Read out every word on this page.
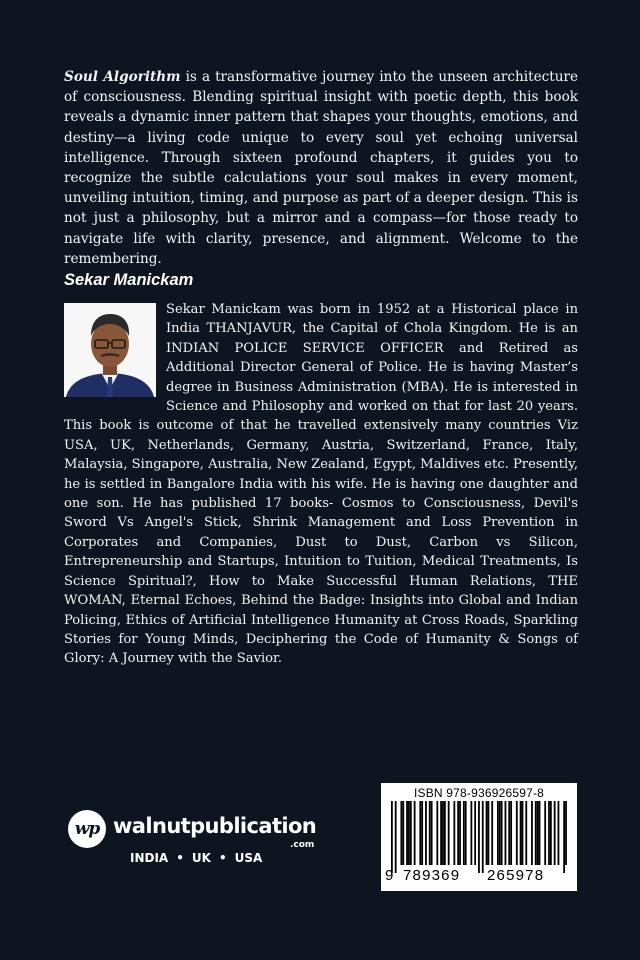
Soul Algorithm is a transformative journey into the unseen architecture of consciousness. Blending spiritual insight with poetic depth, this book reveals a dynamic inner pattern that shapes your thoughts, emotions, and destiny—a living code unique to every soul yet echoing universal intelligence. Through sixteen profound chapters, it guides you to recognize the subtle calculations your soul makes in every moment, unveiling intuition, timing, and purpose as part of a deeper design. This is not just a philosophy, but a mirror and a compass—for those ready to navigate life with clarity, presence, and alignment. Welcome to the remembering.

Sekar Manickam
Sekar Manickam was born in 1952 at a Historical place in India THANJAVUR, the Capital of Chola Kingdom. He is an INDIAN POLICE SERVICE OFFICER and Retired as Additional Director General of Police. He is having Master’s degree in Business Administration (MBA). He is interested in Science and Philosophy and worked on that for last 20 years. This book is outcome of that he travelled extensively many countries Viz USA, UK, Netherlands, Germany, Austria, Switzerland, France, Italy, Malaysia, Singapore, Australia, New Zealand, Egypt, Maldives etc. Presently, he is settled in Bangalore India with his wife. He is having one daughter and one son. He has published 17 books- Cosmos to Consciousness, Devil's Sword Vs Angel's Stick, Shrink Management and Loss Prevention in Corporates and Companies, Dust to Dust, Carbon vs Silicon, Entrepreneurship and Startups, Intuition to Tuition, Medical Treatments, Is Science Spiritual?, How to Make Successful Human Relations, THE WOMAN, Eternal Echoes, Behind the Badge: Insights into Global and Indian Policing, Ethics of Artificial Intelligence Humanity at Cross Roads, Sparkling Stories for Young Minds, Deciphering the Code of Humanity & Songs of Glory: A Journey with the Savior.
wp walnutpublication
.com
INDIA • UK • USA
ISBN 978-936926597-8
9 789369 265978
